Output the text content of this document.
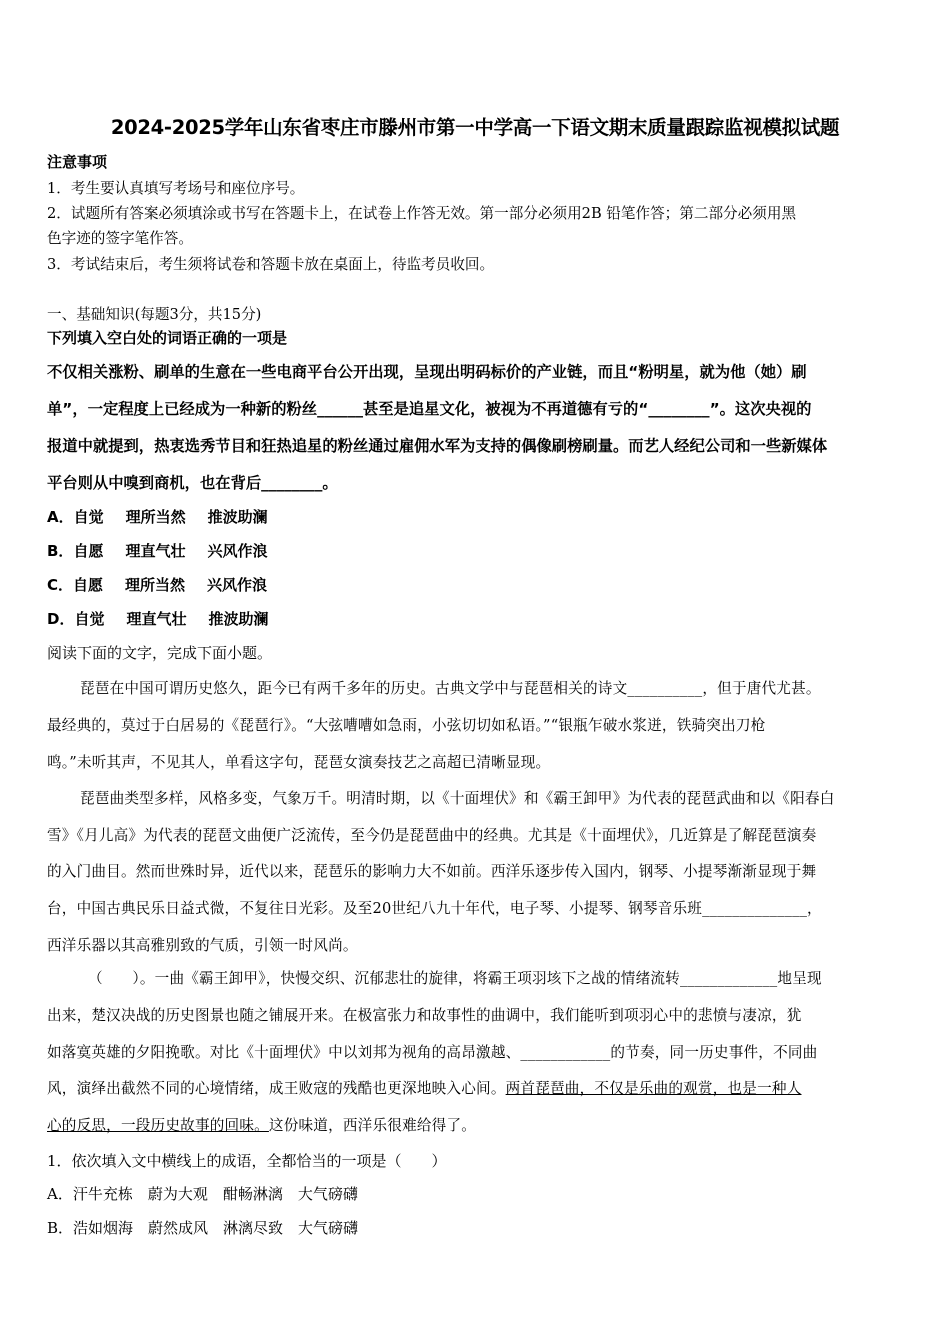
2024-2025学年山东省枣庄市滕州市第一中学高一下语文期末质量跟踪监视模拟试题
注意事项
1．考生要认真填写考场号和座位序号。
2．试题所有答案必须填涂或书写在答题卡上，在试卷上作答无效。第一部分必须用2B 铅笔作答；第二部分必须用黑
色字迹的签字笔作答。
3．考试结束后，考生须将试卷和答题卡放在桌面上，待监考员收回。
一、基础知识(每题3分，共15分)
下列填入空白处的词语正确的一项是
不仅相关涨粉、刷单的生意在一些电商平台公开出现，呈现出明码标价的产业链，而且“粉明星，就为他（她）刷
单”，一定程度上已经成为一种新的粉丝______甚至是追星文化，被视为不再道德有亏的“________”。这次央视的
报道中就提到，热衷选秀节目和狂热追星的粉丝通过雇佣水军为支持的偶像刷榜刷量。而艺人经纪公司和一些新媒体
平台则从中嗅到商机，也在背后________。
A．自觉 理所当然 推波助澜
B．自愿 理直气壮 兴风作浪
C．自愿 理所当然 兴风作浪
D．自觉 理直气壮 推波助澜
阅读下面的文字，完成下面小题。
琵琶在中国可谓历史悠久，距今已有两千多年的历史。古典文学中与琵琶相关的诗文__________，但于唐代尤甚。
最经典的，莫过于白居易的《琵琶行》。“大弦嘈嘈如急雨，小弦切切如私语。”“银瓶乍破水浆迸，铁骑突出刀枪
鸣。”未听其声，不见其人，单看这字句，琵琶女演奏技艺之高超已清晰显现。
琵琶曲类型多样，风格多变，气象万千。明清时期，以《十面埋伏》和《霸王卸甲》为代表的琵琶武曲和以《阳春白
雪》《月儿高》为代表的琵琶文曲便广泛流传，至今仍是琵琶曲中的经典。尤其是《十面埋伏》，几近算是了解琵琶演奏
的入门曲目。然而世殊时异，近代以来，琵琶乐的影响力大不如前。西洋乐逐步传入国内，钢琴、小提琴渐渐显现于舞
台，中国古典民乐日益式微，不复往日光彩。及至20世纪八九十年代，电子琴、小提琴、钢琴音乐班______________，
西洋乐器以其高雅别致的气质，引领一时风尚。
（　　）。一曲《霸王卸甲》，快慢交织、沉郁悲壮的旋律，将霸王项羽垓下之战的情绪流转_____________地呈现
出来，楚汉决战的历史图景也随之铺展开来。在极富张力和故事性的曲调中，我们能听到项羽心中的悲愤与凄凉，犹
如落寞英雄的夕阳挽歌。对比《十面埋伏》中以刘邦为视角的高昂激越、____________的节奏，同一历史事件，不同曲
风，演绎出截然不同的心境情绪，成王败寇的残酷也更深地映入心间。两首琵琶曲，不仅是乐曲的观赏，也是一种人
心的反思，一段历史故事的回味。这份味道，西洋乐很难给得了。
1．依次填入文中横线上的成语，全都恰当的一项是（　　）
A．汗牛充栋　蔚为大观　酣畅淋漓　大气磅礴
B．浩如烟海　蔚然成风　淋漓尽致　大气磅礴
